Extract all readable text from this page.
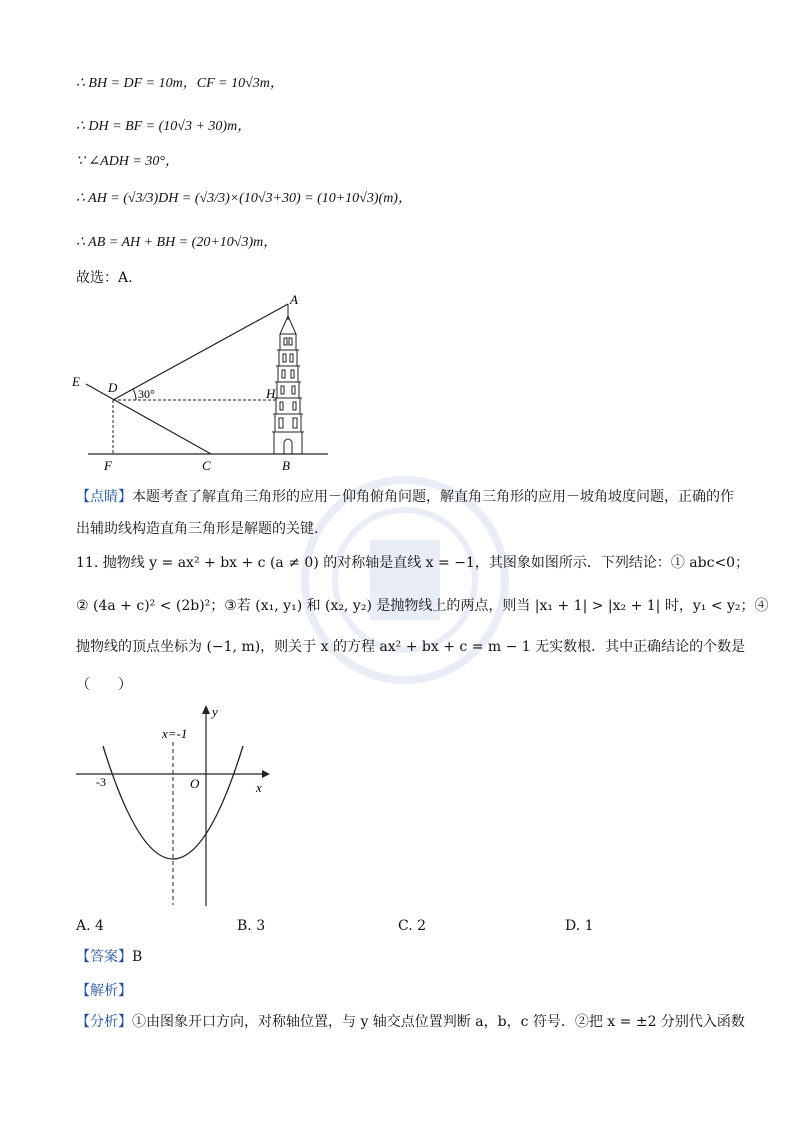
∴ BH = DF = 10m，CF = 10√3m，
∴ DH = BF = (10√3 + 30)m，
∵ ∠ADH = 30°，
∴ AH = (√3/3)DH = (√3/3)×(10√3+30) = (10+10√3)(m)，
∴ AB = AH + BH = (20+10√3)m，
故选：A.
A
E D 30°	H
F	C	B
【点睛】本题考查了解直角三角形的应用－仰角俯角问题，解直角三角形的应用－坡角坡度问题，正确的作
出辅助线构造直角三角形是解题的关键.
11. 抛物线 y = ax² + bx + c (a ≠ 0) 的对称轴是直线 x = −1，其图象如图所示．下列结论：① abc<0；
② (4a + c)² < (2b)²；③若 (x₁, y₁) 和 (x₂, y₂) 是抛物线上的两点，则当 |x₁ + 1| > |x₂ + 1| 时，y₁ < y₂；④
抛物线的顶点坐标为 (−1, m)，则关于 x 的方程 ax² + bx + c = m − 1 无实数根．其中正确结论的个数是
（　　）
x=-1
y
x
O
-3
A. 4	B. 3	C. 2	D. 1
【答案】B
【解析】
【分析】①由图象开口方向，对称轴位置，与 y 轴交点位置判断 a，b，c 符号．②把 x = ±2 分别代入函数
